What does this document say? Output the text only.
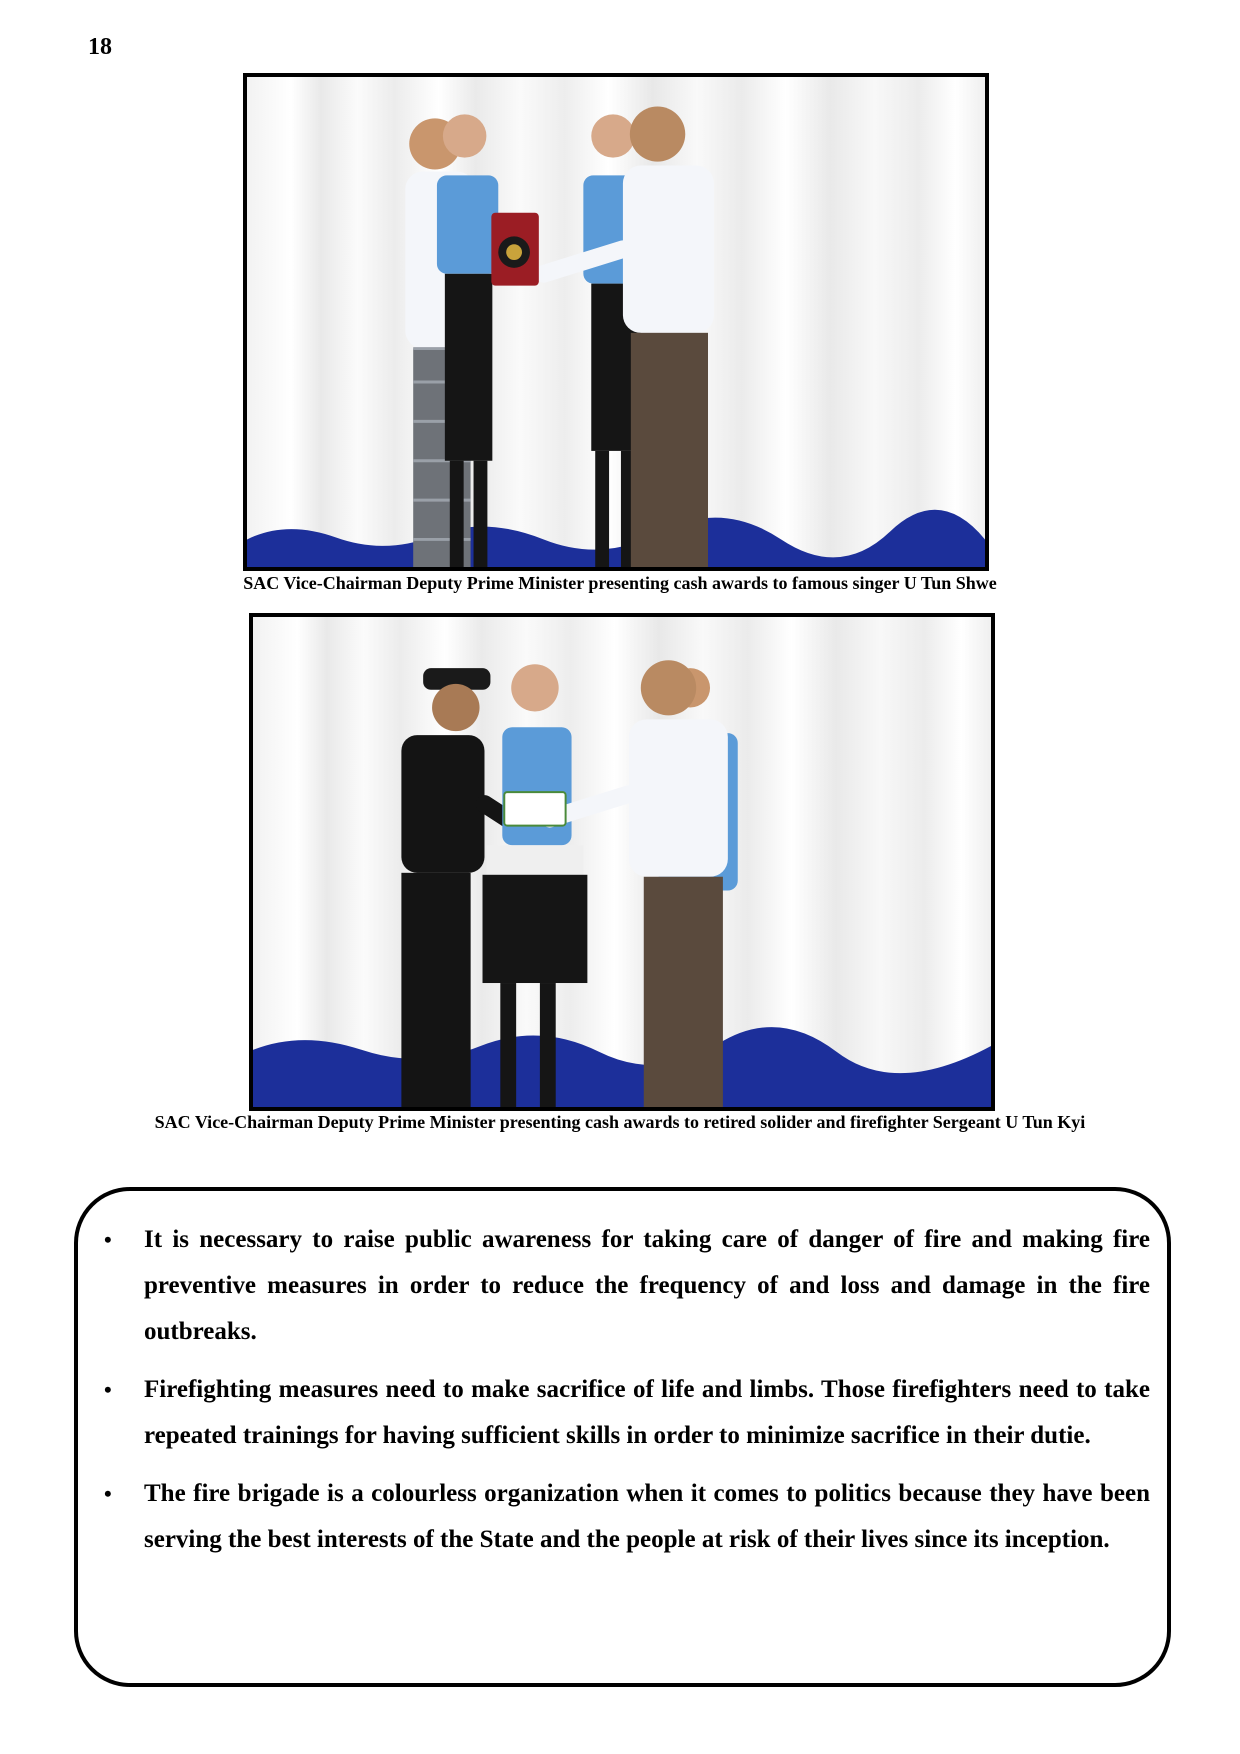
18
SAC Vice-Chairman Deputy Prime Minister presenting cash awards to famous singer U Tun Shwe
SAC Vice-Chairman Deputy Prime Minister presenting cash awards to retired solider and firefighter Sergeant U Tun Kyi
• It is necessary to raise public awareness for taking care of danger of fire and making fire preventive measures in order to reduce the frequency of and loss and damage in the fire outbreaks.
• Firefighting measures need to make sacrifice of life and limbs. Those firefighters need to take repeated trainings for having sufficient skills in order to minimize sacrifice in their dutie.
• The fire brigade is a colourless organization when it comes to politics because they have been serving the best interests of the State and the people at risk of their lives since its inception.
